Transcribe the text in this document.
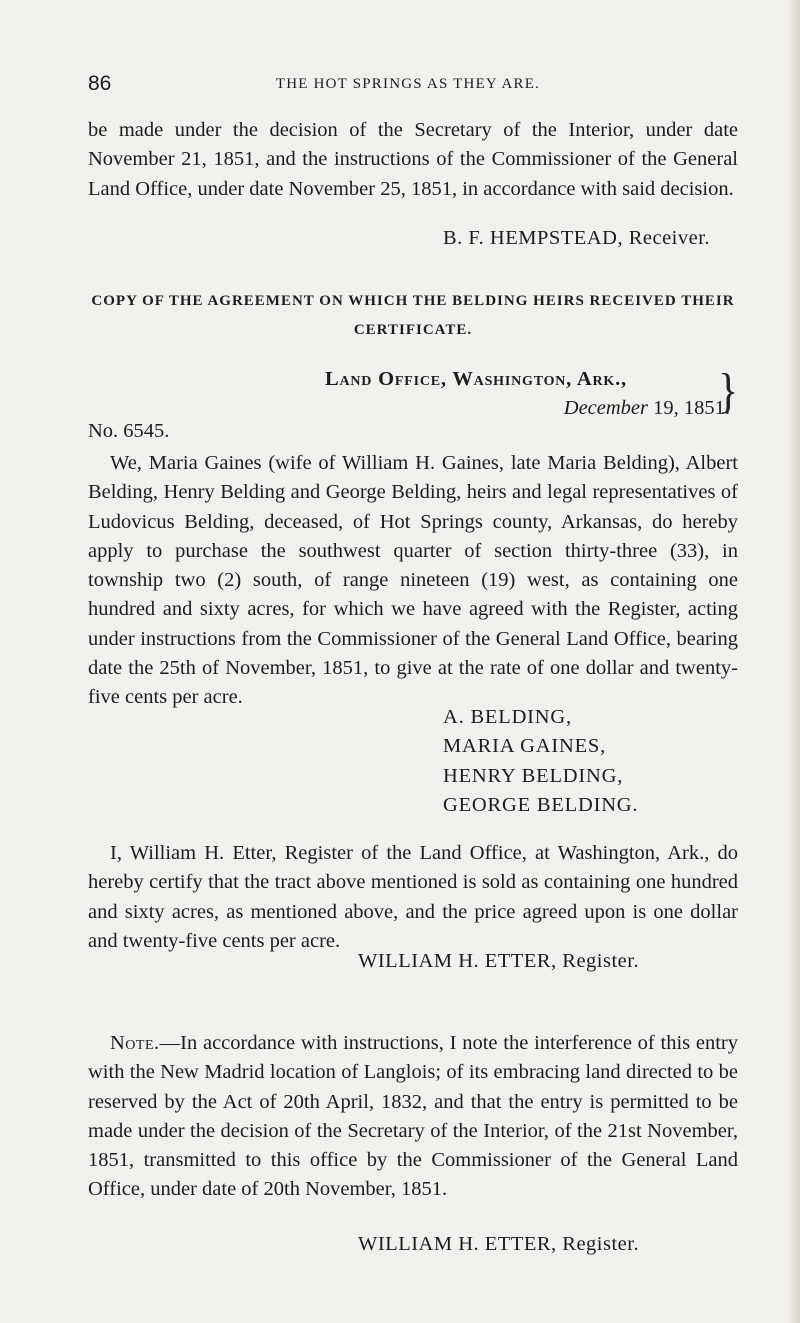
86	THE HOT SPRINGS AS THEY ARE.
be made under the decision of the Secretary of the Interior, under date November 21, 1851, and the instructions of the Commissioner of the General Land Office, under date November 25, 1851, in accordance with said decision.
B. F. HEMPSTEAD, Receiver.
COPY OF THE AGREEMENT ON WHICH THE BELDING HEIRS RECEIVED THEIR CERTIFICATE.
Land Office, Washington, Ark.,
December 19, 1851.
}
No. 6545.
We, Maria Gaines (wife of William H. Gaines, late Maria Belding), Albert Belding, Henry Belding and George Belding, heirs and legal representatives of Ludovicus Belding, deceased, of Hot Springs county, Arkansas, do hereby apply to purchase the southwest quarter of section thirty-three (33), in township two (2) south, of range nineteen (19) west, as containing one hundred and sixty acres, for which we have agreed with the Register, acting under instructions from the Commissioner of the General Land Office, bearing date the 25th of November, 1851, to give at the rate of one dollar and twenty-five cents per acre.
A. BELDING,
MARIA GAINES,
HENRY BELDING,
GEORGE BELDING.
I, William H. Etter, Register of the Land Office, at Washington, Ark., do hereby certify that the tract above mentioned is sold as containing one hundred and sixty acres, as mentioned above, and the price agreed upon is one dollar and twenty-five cents per acre.
WILLIAM H. ETTER, Register.
Note.—In accordance with instructions, I note the interference of this entry with the New Madrid location of Langlois; of its embracing land directed to be reserved by the Act of 20th April, 1832, and that the entry is permitted to be made under the decision of the Secretary of the Interior, of the 21st November, 1851, transmitted to this office by the Commissioner of the General Land Office, under date of 20th November, 1851.
WILLIAM H. ETTER, Register.
